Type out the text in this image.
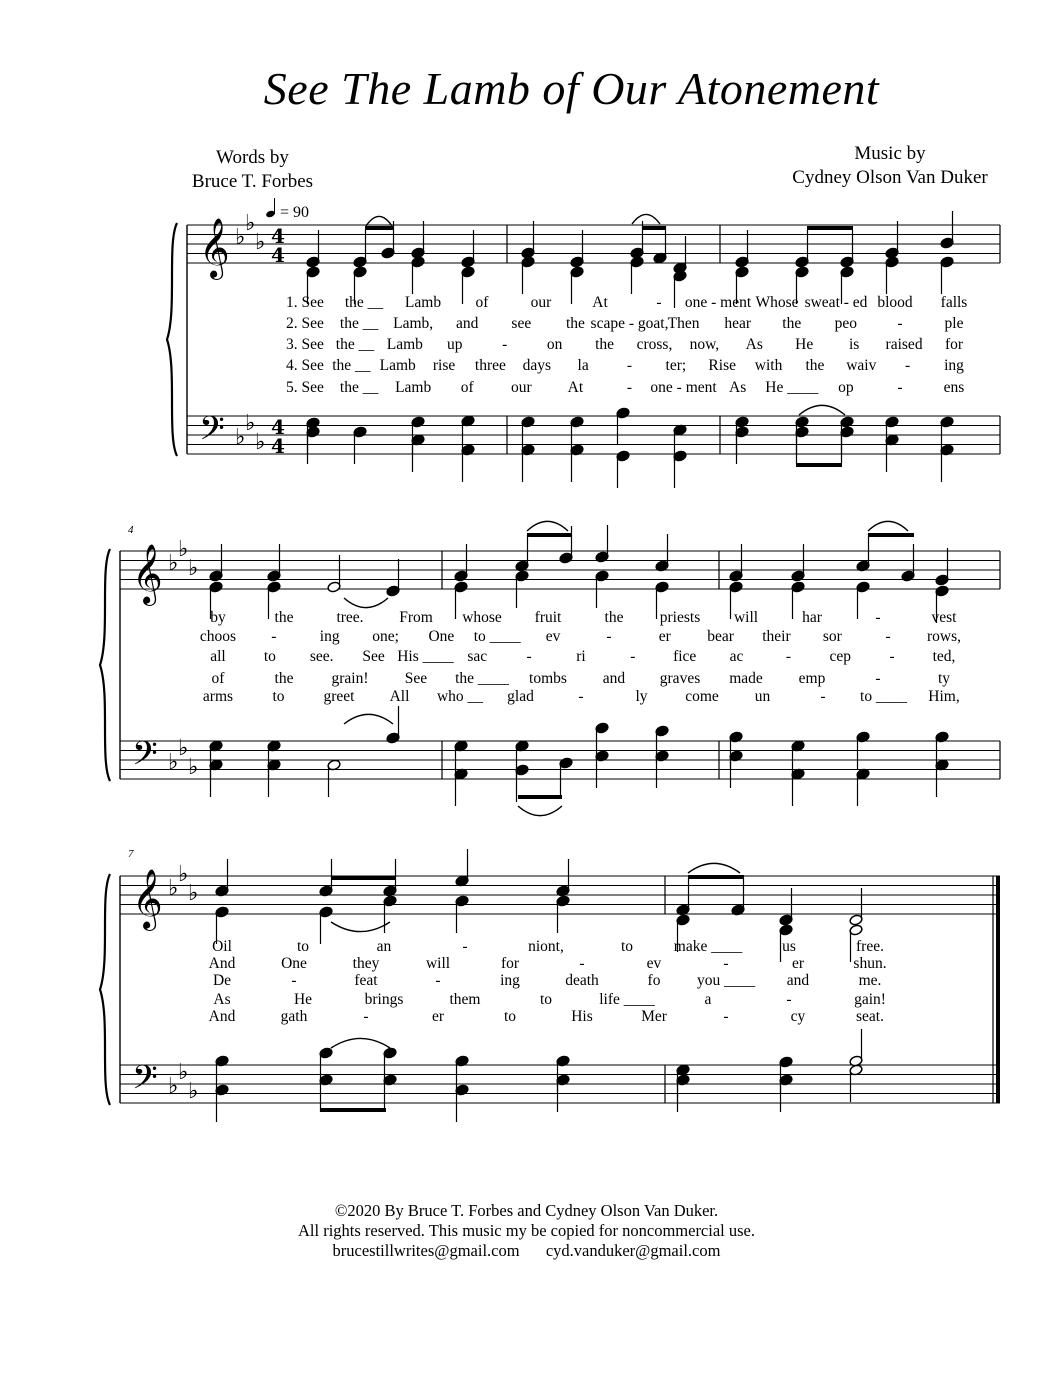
See The Lamb of Our Atonement
Words by
Bruce T. Forbes
Music by
Cydney Olson Van Duker
= 90
𝄞
𝄢
♭
♭
♭
♭
♭
♭
4
4
4
4
𝄞
𝄢
♭
♭
♭
♭
♭
♭
𝄞
𝄢
♭
♭
♭
♭
♭
♭
1. See the __ Lamb of	our	At	- one - ment Whose sweat - ed blood falls
2. See the __ Lamb, and see the scape - goat, Then hear the peo	-	ple
3. See the __ Lamb up	-	on the cross, now, As He is raised for
4. See the __ Lamb rise three days la - ter; Rise with the waiv - ing
5. See the __ Lamb of our At	- one - ment As He ____ op	-	ens
by	the	tree. From whose fruit	the priests will	har	-	vest
choos -	ing one; One to ____ ev	-	er bear their sor	- rows,
all to see. See His ____ sac	-	ri	- fice ac	- cep - ted,
of	the grain! See the ____ tombs and graves made emp	-	ty
arms	to	greet All who __ glad	-	ly come un	- to ____ Him,
Oil	to	an	-	niont,	to	make ____	us	free.
And	One	they	will	for	-	ev	-	er	shun.
De	-	feat	-	ing	death	fo you ____ and	me.
As	He	brings	them	to	life ____	a	-	gain!
And	gath	-	er	to	His	Mer	-	cy	seat.
4
7
©2020 By Bruce T. Forbes and Cydney Olson Van Duker.
All rights reserved. This music my be copied for noncommercial use.
brucestillwrites@gmail.com cyd.vanduker@gmail.com
